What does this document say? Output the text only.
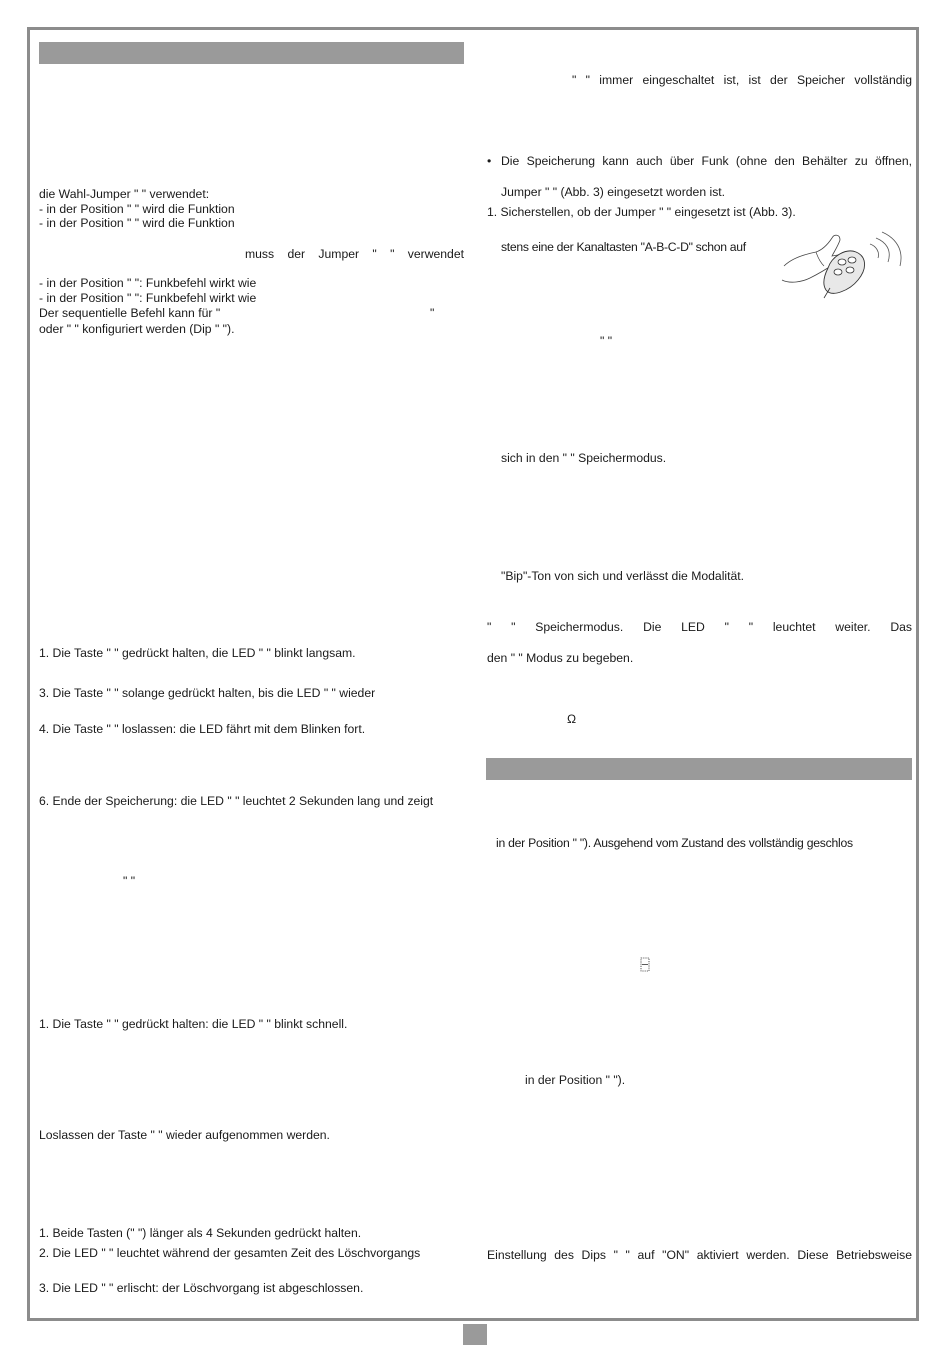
die Wahl-Jumper " " verwendet:
- in der Position " " wird die Funktion
- in der Position " " wird die Funktion
muss der Jumper " " verwendet
- in der Position " ": Funkbefehl wirkt wie
- in der Position " ": Funkbefehl wirkt wie
Der sequentielle Befehl kann für "	"
oder " " konfiguriert werden (Dip " ").
1. Die Taste " " gedrückt halten, die LED " " blinkt langsam.
3. Die Taste " " solange gedrückt halten, bis die LED " " wieder
4. Die Taste " " loslassen: die LED fährt mit dem Blinken fort.
6. Ende der Speicherung: die LED " " leuchtet 2 Sekunden lang und zeigt
" "
1. Die Taste " " gedrückt halten: die LED " " blinkt schnell.
Loslassen der Taste " " wieder aufgenommen werden.
1. Beide Tasten (" ") länger als 4 Sekunden gedrückt halten.
2. Die LED " " leuchtet während der gesamten Zeit des Löschvorgangs
3. Die LED " " erlischt: der Löschvorgang ist abgeschlossen.
" " immer eingeschaltet ist, ist der Speicher vollständig
• Die Speicherung kann auch über Funk (ohne den Behälter zu öffnen,
Jumper " " (Abb. 3) eingesetzt worden ist.
1. Sicherstellen, ob der Jumper " " eingesetzt ist (Abb. 3).
stens eine der Kanaltasten "A-B-C-D" schon auf
" "
sich in den " " Speichermodus.
"Bip"-Ton von sich und verlässt die Modalität.
" " Speichermodus. Die LED " " leuchtet weiter. Das
den " " Modus zu begeben.
Ω
in der Position " "). Ausgehend vom Zustand des vollständig geschlos
in der Position " ").
Einstellung des Dips " " auf "ON" aktiviert werden. Diese Betriebsweise
